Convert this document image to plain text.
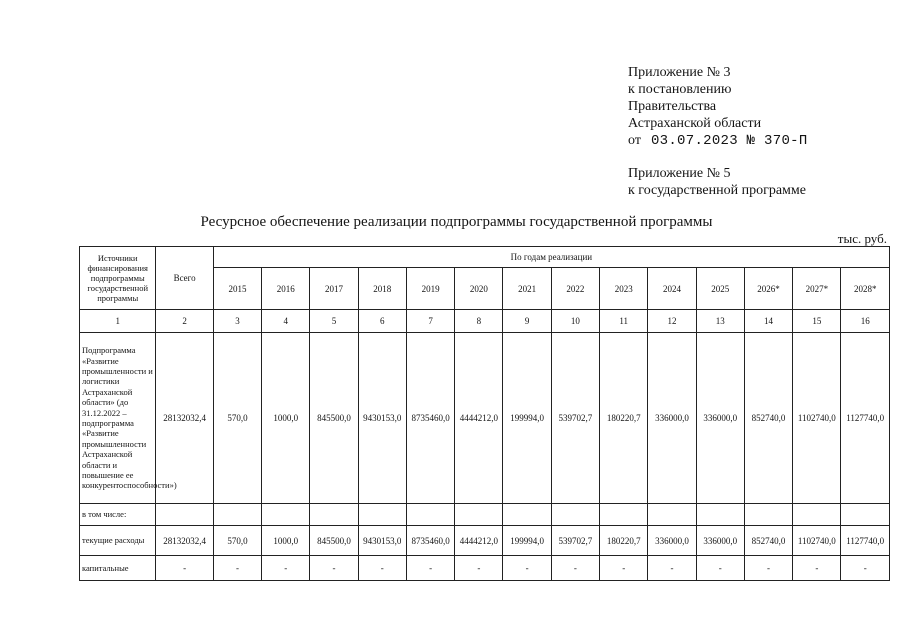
Приложение № 3
к постановлению
Правительства
Астраханской области
от 03.07.2023 № 370-П
Приложение № 5
к государственной программе
Ресурсное обеспечение реализации подпрограммы государственной программы
тыс. руб.
Источники финансирования подпрограммы государственной программы	Всего	По годам реализации													
		2015	2016	2017	2018	2019	2020	2021	2022	2023	2024	2025	2026*	2027*	2028*
1	2	3	4	5	6	7	8	9	10	11	12	13	14	15	16
Подпрограмма «Развитие промышленности и логистики Астраханской области» (до 31.12.2022 – подпрограмма «Развитие промышленности Астраханской области и повышение ее конкурентоспособности»)	28132032,4	570,0	1000,0	845500,0	9430153,0	8735460,0	4444212,0	199994,0	539702,7	180220,7	336000,0	336000,0	852740,0	1102740,0	1127740,0
в том числе:															
текущие расходы	28132032,4	570,0	1000,0	845500,0	9430153,0	8735460,0	4444212,0	199994,0	539702,7	180220,7	336000,0	336000,0	852740,0	1102740,0	1127740,0
капитальные	-	-	-	-	-	-	-	-	-	-	-	-	-	-	-
